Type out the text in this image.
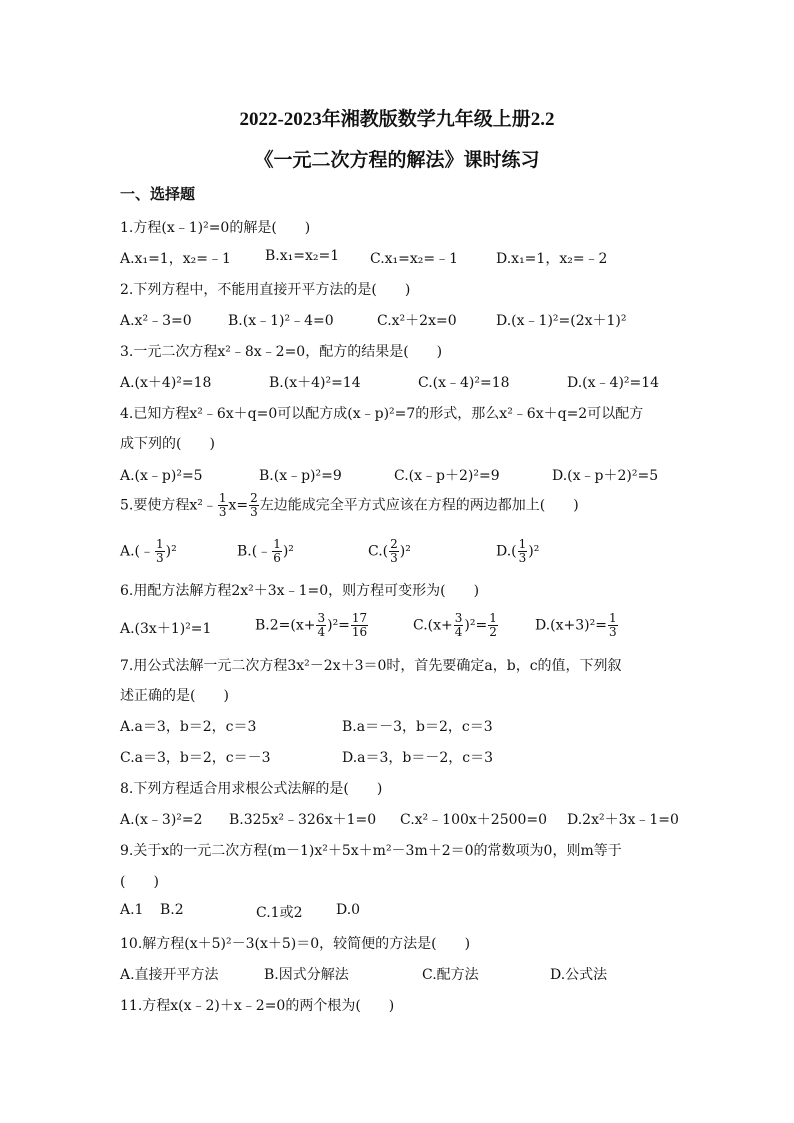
2022-2023年湘教版数学九年级上册2.2
《一元二次方程的解法》课时练习
一、选择题
1.方程(x﹣1)²=0的解是(　　)
A.x₁=1，x₂=﹣1 B.x₁=x₂=1 C.x₁=x₂=﹣1	D.x₁=1，x₂=﹣2
2.下列方程中，不能用直接开平方法的是(　　)
A.x²﹣3=0	B.(x﹣1)²﹣4=0	C.x²＋2x=0	D.(x﹣1)²=(2x＋1)²
3.一元二次方程x²﹣8x﹣2=0，配方的结果是(　　)
A.(x＋4)²=18	B.(x＋4)²=14	C.(x﹣4)²=18	D.(x﹣4)²=14
4.已知方程x²﹣6x＋q=0可以配方成(x﹣p)²=7的形式，那么x²﹣6x＋q=2可以配方
成下列的(　　)
A.(x﹣p)²=5	B.(x﹣p)²=9	C.(x﹣p＋2)²=9	D.(x﹣p＋2)²=5
5.要使方程x²﹣ $\frac{1}{3} x= \frac{2}{3}$ 左边能成完全平方式应该在方程的两边都加上(　　)
A.(﹣ $\frac{1}{3} )^2$	B.(﹣ $\frac{1}{6} )^2$	$C.( \frac{2}{3} )^2$	$D.( \frac{1}{3} )^2$
6.用配方法解方程2x²＋3x﹣1=0，则方程可变形为(　　)
A.(3x＋1)²=1	$B.2=(x+ \frac{3}{4} )^2= \frac{17}{16}$	$C.(x+ \frac{3}{4} )^2= \frac{1}{2}$	$D.(x+3)^2= \frac{1}{3}$
7.用公式法解一元二次方程3x²－2x＋3＝0时，首先要确定a，b，c的值，下列叙
述正确的是(　　)
A.a＝3，b＝2，c＝3	B.a＝－3，b＝2，c＝3
C.a＝3，b＝2，c＝－3	D.a＝3，b＝－2，c＝3
8.下列方程适合用求根公式法解的是(　　)
A.(x﹣3)²=2 B.325x²﹣326x＋1=0 C.x²﹣100x＋2500=0 D.2x²＋3x﹣1=0
9.关于x的一元二次方程(m－1)x²＋5x＋m²－3m＋2＝0的常数项为0，则m等于
(　　)
A.1 B.2	C.1或2 D.0
10.解方程(x＋5)²－3(x＋5)＝0，较简便的方法是(　　)
A.直接开平方法	B.因式分解法	C.配方法	D.公式法
11.方程x(x﹣2)＋x﹣2=0的两个根为(　　)
